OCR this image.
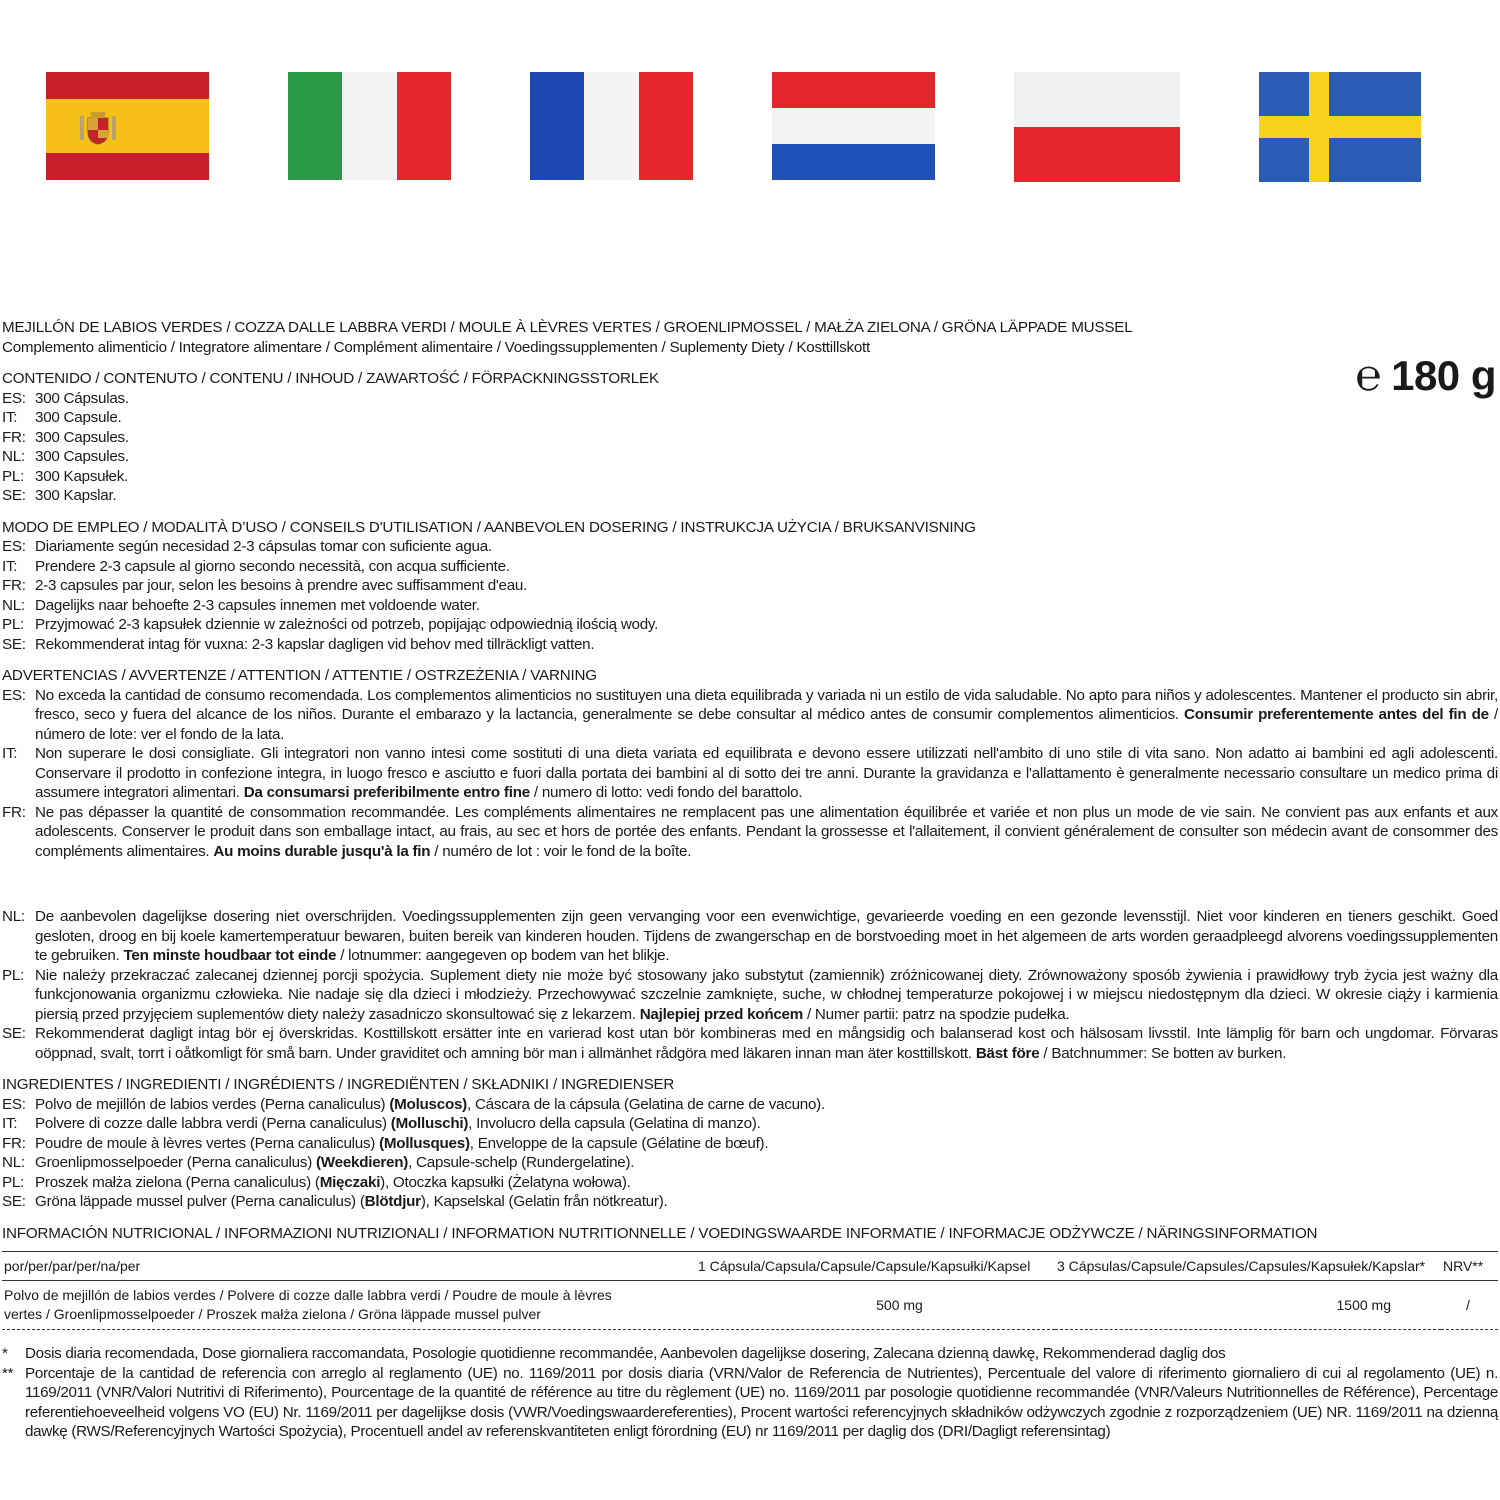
℮ 180 g
MEJILLÓN DE LABIOS VERDES / COZZA DALLE LABBRA VERDI / MOULE À LÈVRES VERTES / GROENLIPMOSSEL / MAŁŻA ZIELONA / GRÖNA LÄPPADE MUSSEL
Complemento alimenticio / Integratore alimentare / Complément alimentaire / Voedingssupplementen / Suplementy Diety / Kosttillskott
CONTENIDO / CONTENUTO / CONTENU / INHOUD / ZAWARTOŚĆ / FÖRPACKNINGSSTORLEK
ES: 300 Cápsulas.
IT:	300 Capsule.
FR: 300 Capsules.
NL: 300 Capsules.
PL: 300 Kapsułek.
SE: 300 Kapslar.
MODO DE EMPLEO / MODALITÀ D’USO / CONSEILS D'UTILISATION / AANBEVOLEN DOSERING / INSTRUKCJA UŻYCIA / BRUKSANVISNING
ES: Diariamente según necesidad 2-3 cápsulas tomar con suficiente agua.
IT:	Prendere 2-3 capsule al giorno secondo necessità, con acqua sufficiente.
FR: 2-3 capsules par jour, selon les besoins à prendre avec suffisamment d'eau.
NL: Dagelijks naar behoefte 2-3 capsules innemen met voldoende water.
PL: Przyjmować 2-3 kapsułek dziennie w zależności od potrzeb, popijając odpowiednią ilością wody.
SE: Rekommenderat intag för vuxna: 2-3 kapslar dagligen vid behov med tillräckligt vatten.
ADVERTENCIAS / AVVERTENZE / ATTENTION / ATTENTIE / OSTRZEŻENIA / VARNING
ES: No exceda la cantidad de consumo recomendada. Los complementos alimenticios no sustituyen una dieta equilibrada y variada ni un estilo de vida saludable. No apto para niños y adolescentes. Mantener el producto sin abrir, fresco, seco y fuera del alcance de los niños. Durante el embarazo y la lactancia, generalmente se debe consultar al médico antes de consumir complementos alimenticios. Consumir preferentemente antes del fin de / número de lote: ver el fondo de la lata.
IT:	Non superare le dosi consigliate. Gli integratori non vanno intesi come sostituti di una dieta variata ed equilibrata e devono essere utilizzati nell'ambito di uno stile di vita sano. Non adatto ai bambini ed agli adolescenti. Conservare il prodotto in confezione integra, in luogo fresco e asciutto e fuori dalla portata dei bambini al di sotto dei tre anni. Durante la gravidanza e l'allattamento è generalmente necessario consultare un medico prima di assumere integratori alimentari. Da consumarsi preferibilmente entro fine / numero di lotto: vedi fondo del barattolo.
FR: Ne pas dépasser la quantité de consommation recommandée. Les compléments alimentaires ne remplacent pas une alimentation équilibrée et variée et non plus un mode de vie sain. Ne convient pas aux enfants et aux adolescents. Conserver le produit dans son emballage intact, au frais, au sec et hors de portée des enfants. Pendant la grossesse et l'allaitement, il convient généralement de consulter son médecin avant de consommer des compléments alimentaires. Au moins durable jusqu'à la fin / numéro de lot : voir le fond de la boîte.
NL: De aanbevolen dagelijkse dosering niet overschrijden. Voedingssupplementen zijn geen vervanging voor een evenwichtige, gevarieerde voeding en een gezonde levensstijl. Niet voor kinderen en tieners geschikt. Goed gesloten, droog en bij koele kamertemperatuur bewaren, buiten bereik van kinderen houden. Tijdens de zwangerschap en de borstvoeding moet in het algemeen de arts worden geraadpleegd alvorens voedingssupplementen te gebruiken. Ten minste houdbaar tot einde / lotnummer: aangegeven op bodem van het blikje.
PL: Nie należy przekraczać zalecanej dziennej porcji spożycia. Suplement diety nie może być stosowany jako substytut (zamiennik) zróżnicowanej diety. Zrównoważony sposób żywienia i prawidłowy tryb życia jest ważny dla funkcjonowania organizmu człowieka. Nie nadaje się dla dzieci i młodzieży. Przechowywać szczelnie zamknięte, suche, w chłodnej temperaturze pokojowej i w miejscu niedostępnym dla dzieci. W okresie ciąży i karmienia piersią przed przyjęciem suplementów diety należy zasadniczo skonsultować się z lekarzem. Najlepiej przed końcem / Numer partii: patrz na spodzie pudełka.
SE: Rekommenderat dagligt intag bör ej överskridas. Kosttillskott ersätter inte en varierad kost utan bör kombineras med en mångsidig och balanserad kost och hälsosam livsstil. Inte lämplig för barn och ungdomar. Förvaras oöppnad, svalt, torrt i oåtkomligt för små barn. Under graviditet och amning bör man i allmänhet rådgöra med läkaren innan man äter kosttillskott. Bäst före / Batchnummer: Se botten av burken.
INGREDIENTES / INGREDIENTI / INGRÉDIENTS / INGREDIËNTEN / SKŁADNIKI / INGREDIENSER
ES: Polvo de mejillón de labios verdes (Perna canaliculus) (Moluscos), Cáscara de la cápsula (Gelatina de carne de vacuno).
IT:	Polvere di cozze dalle labbra verdi (Perna canaliculus) (Molluschi), Involucro della capsula (Gelatina di manzo).
FR: Poudre de moule à lèvres vertes (Perna canaliculus) (Mollusques), Enveloppe de la capsule (Gélatine de bœuf).
NL: Groenlipmosselpoeder (Perna canaliculus) (Weekdieren), Capsule-schelp (Rundergelatine).
PL: Proszek małża zielona (Perna canaliculus) (Mięczaki), Otoczka kapsułki (Żelatyna wołowa).
SE: Gröna läppade mussel pulver (Perna canaliculus) (Blötdjur), Kapselskal (Gelatin från nötkreatur).
INFORMACIÓN NUTRICIONAL / INFORMAZIONI NUTRIZIONALI / INFORMATION NUTRITIONNELLE / VOEDINGSWAARDE INFORMATIE / INFORMACJE ODŻYWCZE / NÄRINGSINFORMATION
por/per/par/per/na/per	1 Cápsula/Capsula/Capsule/Capsule/Kapsułki/Kapsel	3 Cápsulas/Capsule/Capsules/Capsules/Kapsułek/Kapslar*	NRV**
Polvo de mejillón de labios verdes / Polvere di cozze dalle labbra verdi / Poudre de moule à lèvres vertes / Groenlipmosselpoeder / Proszek małża zielona / Gröna läppade mussel pulver	500 mg	1500 mg	/
*	Dosis diaria recomendada, Dose giornaliera raccomandata, Posologie quotidienne recommandée, Aanbevolen dagelijkse dosering, Zalecana dzienną dawkę, Rekommenderad daglig dos
** Porcentaje de la cantidad de referencia con arreglo al reglamento (UE) no. 1169/2011 por dosis diaria (VRN/Valor de Referencia de Nutrientes), Percentuale del valore di riferimento giornaliero di cui al regolamento (UE) n. 1169/2011 (VNR/Valori Nutritivi di Riferimento), Pourcentage de la quantité de référence au titre du règlement (UE) no. 1169/2011 par posologie quotidienne recommandée (VNR/Valeurs Nutritionnelles de Référence), Percentage referentiehoeveelheid volgens VO (EU) Nr. 1169/2011 per dagelijkse dosis (VWR/Voedingswaardereferenties), Procent wartości referencyjnych składników odżywczych zgodnie z rozporządzeniem (UE) NR. 1169/2011 na dzienną dawkę (RWS/Referencyjnych Wartości Spożycia), Procentuell andel av referenskvantiteten enligt förordning (EU) nr 1169/2011 per daglig dos (DRI/Dagligt referensintag)
